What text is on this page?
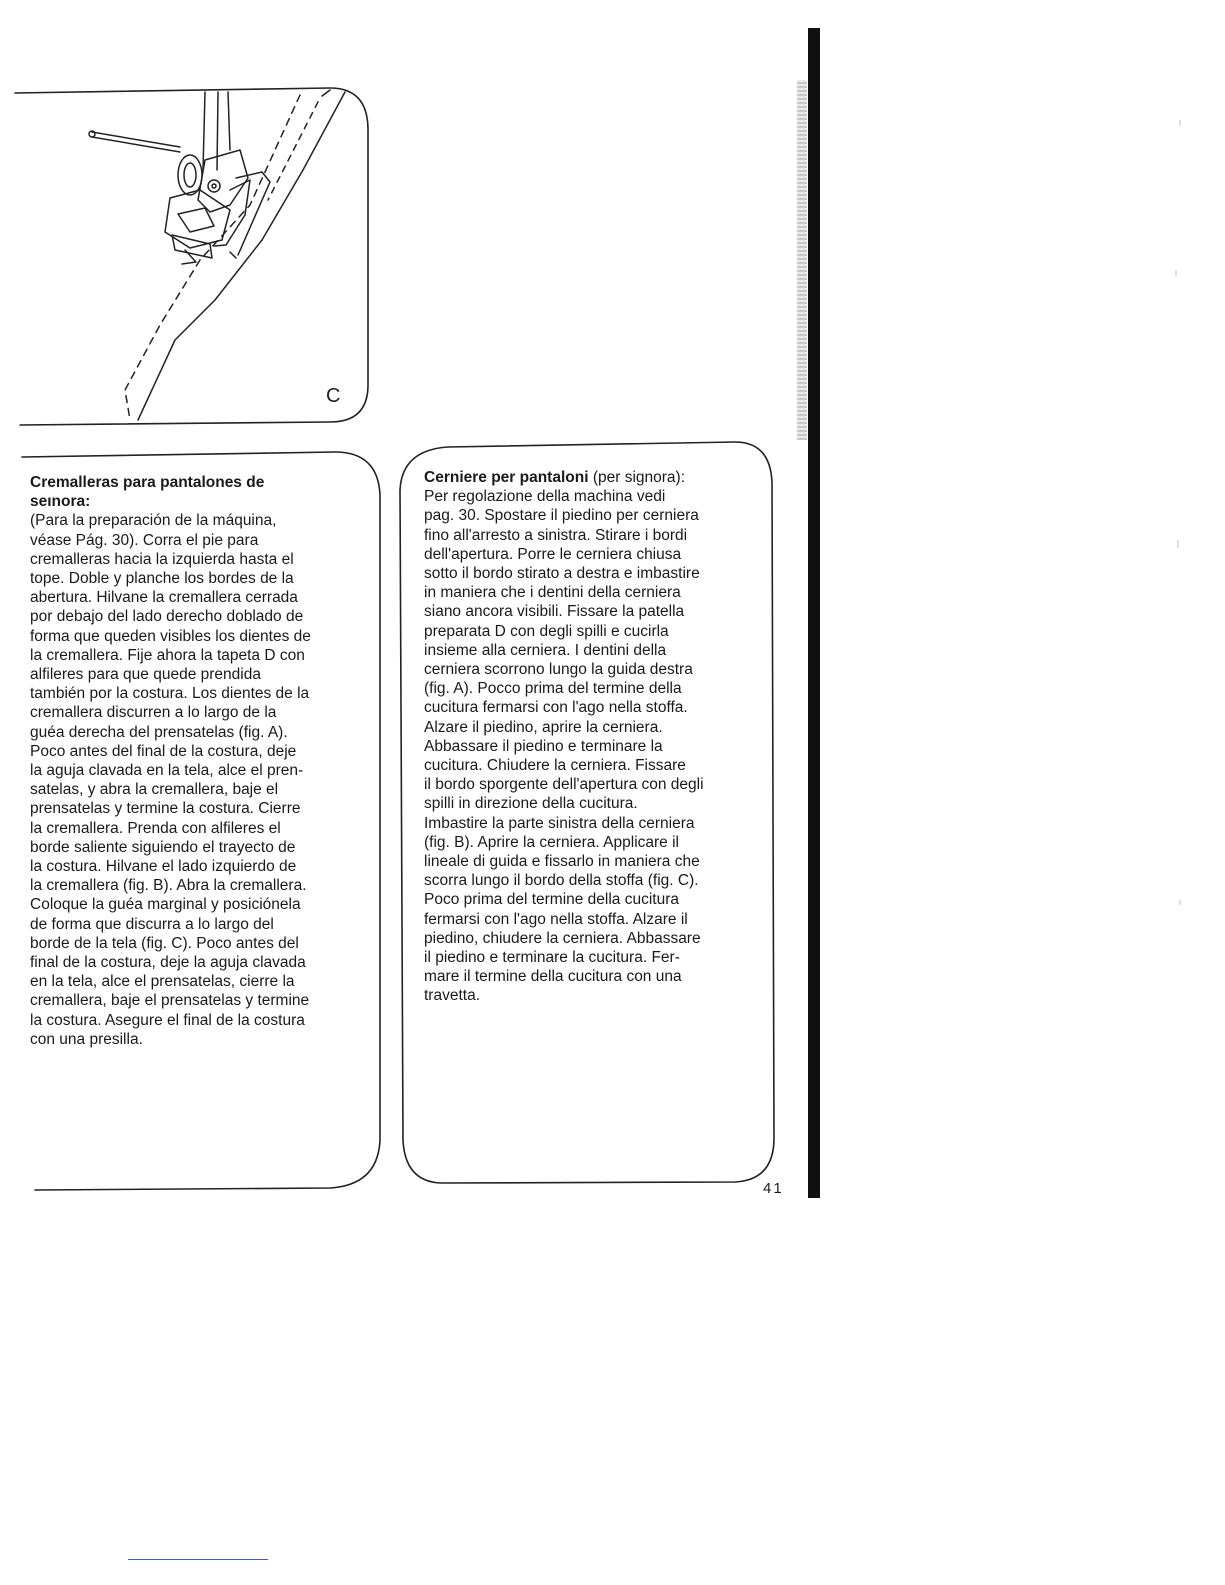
C
Cremalleras para pantalones de
seınora:
(Para la preparación de la máquina,
véase Pág. 30). Corra el pie para
cremalleras hacia la izquierda hasta el
tope. Doble y planche los bordes de la
abertura. Hilvane la cremallera cerrada
por debajo del lado derecho doblado de
forma que queden visibles los dientes de
la cremallera. Fije ahora la tapeta D con
alfileres para que quede prendida
también por la costura. Los dientes de la
cremallera discurren a lo largo de la
guéa derecha del prensatelas (fig. A).
Poco antes del final de la costura, deje
la aguja clavada en la tela, alce el pren-
satelas, y abra la cremallera, baje el
prensatelas y termine la costura. Cierre
la cremallera. Prenda con alfileres el
borde saliente siguiendo el trayecto de
la costura. Hilvane el lado izquierdo de
la cremallera (fig. B). Abra la cremallera.
Coloque la guéa marginal y posiciónela
de forma que discurra a lo largo del
borde de la tela (fig. C). Poco antes del
final de la costura, deje la aguja clavada
en la tela, alce el prensatelas, cierre la
cremallera, baje el prensatelas y termine
la costura. Asegure el final de la costura
con una presilla.
Cerniere per pantaloni (per signora):
Per regolazione della machina vedi
pag. 30. Spostare il piedino per cerniera
fino all'arresto a sinistra. Stirare i bordi
dell'apertura. Porre le cerniera chiusa
sotto il bordo stirato a destra e imbastire
in maniera che i dentini della cerniera
siano ancora visibili. Fissare la patella
preparata D con degli spilli e cucirla
insieme alla cerniera. I dentini della
cerniera scorrono lungo la guida destra
(fig. A). Pocco prima del termine della
cucitura fermarsi con l'ago nella stoffa.
Alzare il piedino, aprire la cerniera.
Abbassare il piedino e terminare la
cucitura. Chiudere la cerniera. Fissare
il bordo sporgente dell'apertura con degli
spilli in direzione della cucitura.
Imbastire la parte sinistra della cerniera
(fig. B). Aprire la cerniera. Applicare il
lineale di guida e fissarlo in maniera che
scorra lungo il bordo della stoffa (fig. C).
Poco prima del termine della cucitura
fermarsi con l'ago nella stoffa. Alzare il
piedino, chiudere la cerniera. Abbassare
il piedino e terminare la cucitura. Fer-
mare il termine della cucitura con una
travetta.
41
